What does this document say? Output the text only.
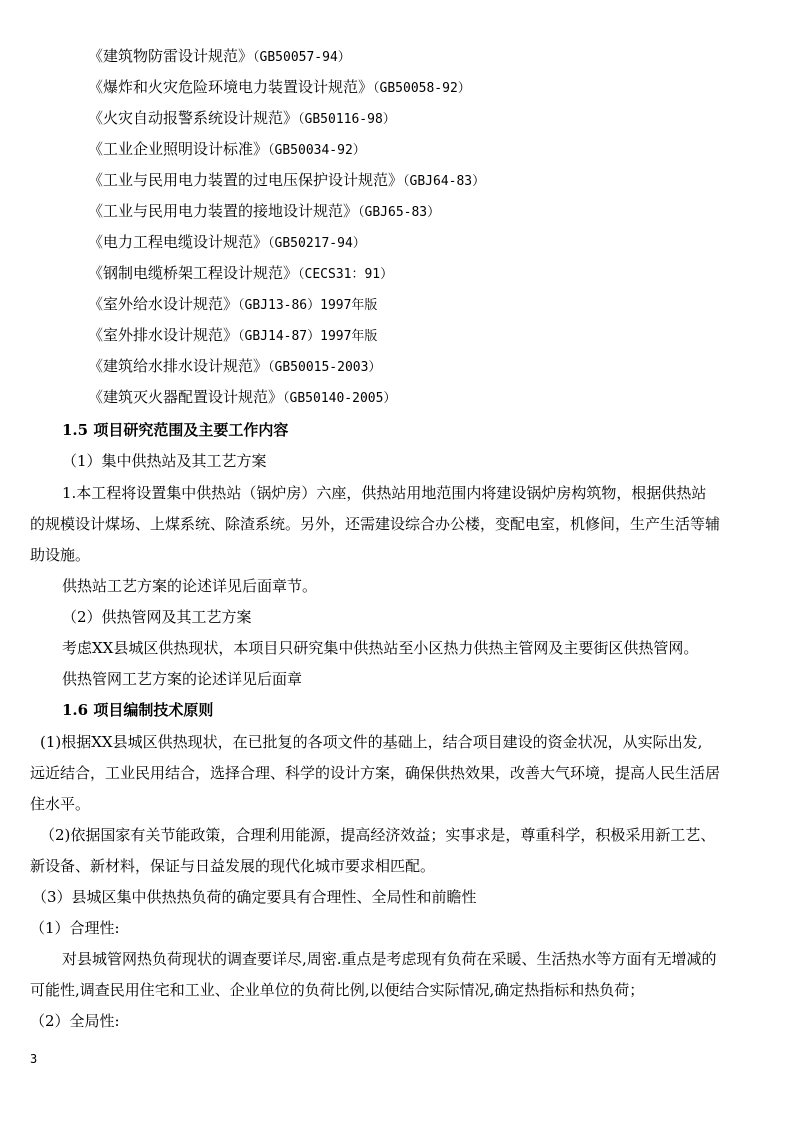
《建筑物防雷设计规范》（GB50057-94）
《爆炸和火灾危险环境电力装置设计规范》（GB50058-92）
《火灾自动报警系统设计规范》（GB50116-98）
《工业企业照明设计标准》（GB50034-92）
《工业与民用电力装置的过电压保护设计规范》（GBJ64-83）
《工业与民用电力装置的接地设计规范》（GBJ65-83）
《电力工程电缆设计规范》（GB50217-94）
《钢制电缆桥架工程设计规范》（CECS31：91）
《室外给水设计规范》（GBJ13-86）1997年版
《室外排水设计规范》（GBJ14-87）1997年版
《建筑给水排水设计规范》（GB50015-2003）
《建筑灭火器配置设计规范》（GB50140-2005）
1.5 项目研究范围及主要工作内容
（1）集中供热站及其工艺方案
1.本工程将设置集中供热站（锅炉房）六座，供热站用地范围内将建设锅炉房构筑物，根据供热站
的规模设计煤场、上煤系统、除渣系统。另外，还需建设综合办公楼，变配电室，机修间，生产生活等辅
助设施。
供热站工艺方案的论述详见后面章节。
（2）供热管网及其工艺方案
考虑XX县城区供热现状，本项目只研究集中供热站至小区热力供热主管网及主要街区供热管网。
供热管网工艺方案的论述详见后面章
1.6 项目编制技术原则
(1)根据XX县城区供热现状，在已批复的各项文件的基础上，结合项目建设的资金状况，从实际出发,
远近结合，工业民用结合，选择合理、科学的设计方案，确保供热效果，改善大气环境，提高人民生活居
住水平。
（2)依据国家有关节能政策，合理利用能源，提高经济效益；实事求是，尊重科学，积极采用新工艺、
新设备、新材料，保证与日益发展的现代化城市要求相匹配。
（3）县城区集中供热热负荷的确定要具有合理性、全局性和前瞻性
（1）合理性:
对县城管网热负荷现状的调查要详尽,周密.重点是考虑现有负荷在采暖、生活热水等方面有无增减的
可能性,调查民用住宅和工业、企业单位的负荷比例,以便结合实际情况,确定热指标和热负荷；
（2）全局性:
3
